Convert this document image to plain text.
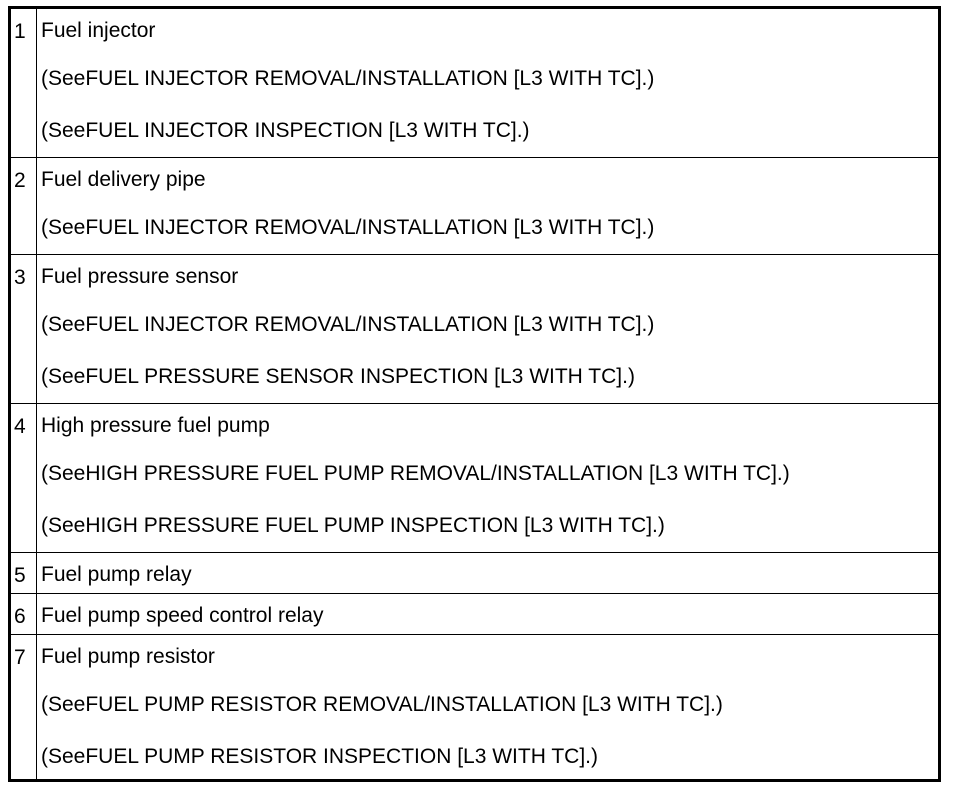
1	Fuel injector
(SeeFUEL INJECTOR REMOVAL/INSTALLATION [L3 WITH TC].)
(SeeFUEL INJECTOR INSPECTION [L3 WITH TC].)

2	Fuel delivery pipe
(SeeFUEL INJECTOR REMOVAL/INSTALLATION [L3 WITH TC].)

3	Fuel pressure sensor
(SeeFUEL INJECTOR REMOVAL/INSTALLATION [L3 WITH TC].)
(SeeFUEL PRESSURE SENSOR INSPECTION [L3 WITH TC].)

4	High pressure fuel pump
(SeeHIGH PRESSURE FUEL PUMP REMOVAL/INSTALLATION [L3 WITH TC].)
(SeeHIGH PRESSURE FUEL PUMP INSPECTION [L3 WITH TC].)

5	Fuel pump relay

6	Fuel pump speed control relay

7	Fuel pump resistor
(SeeFUEL PUMP RESISTOR REMOVAL/INSTALLATION [L3 WITH TC].)
(SeeFUEL PUMP RESISTOR INSPECTION [L3 WITH TC].)
